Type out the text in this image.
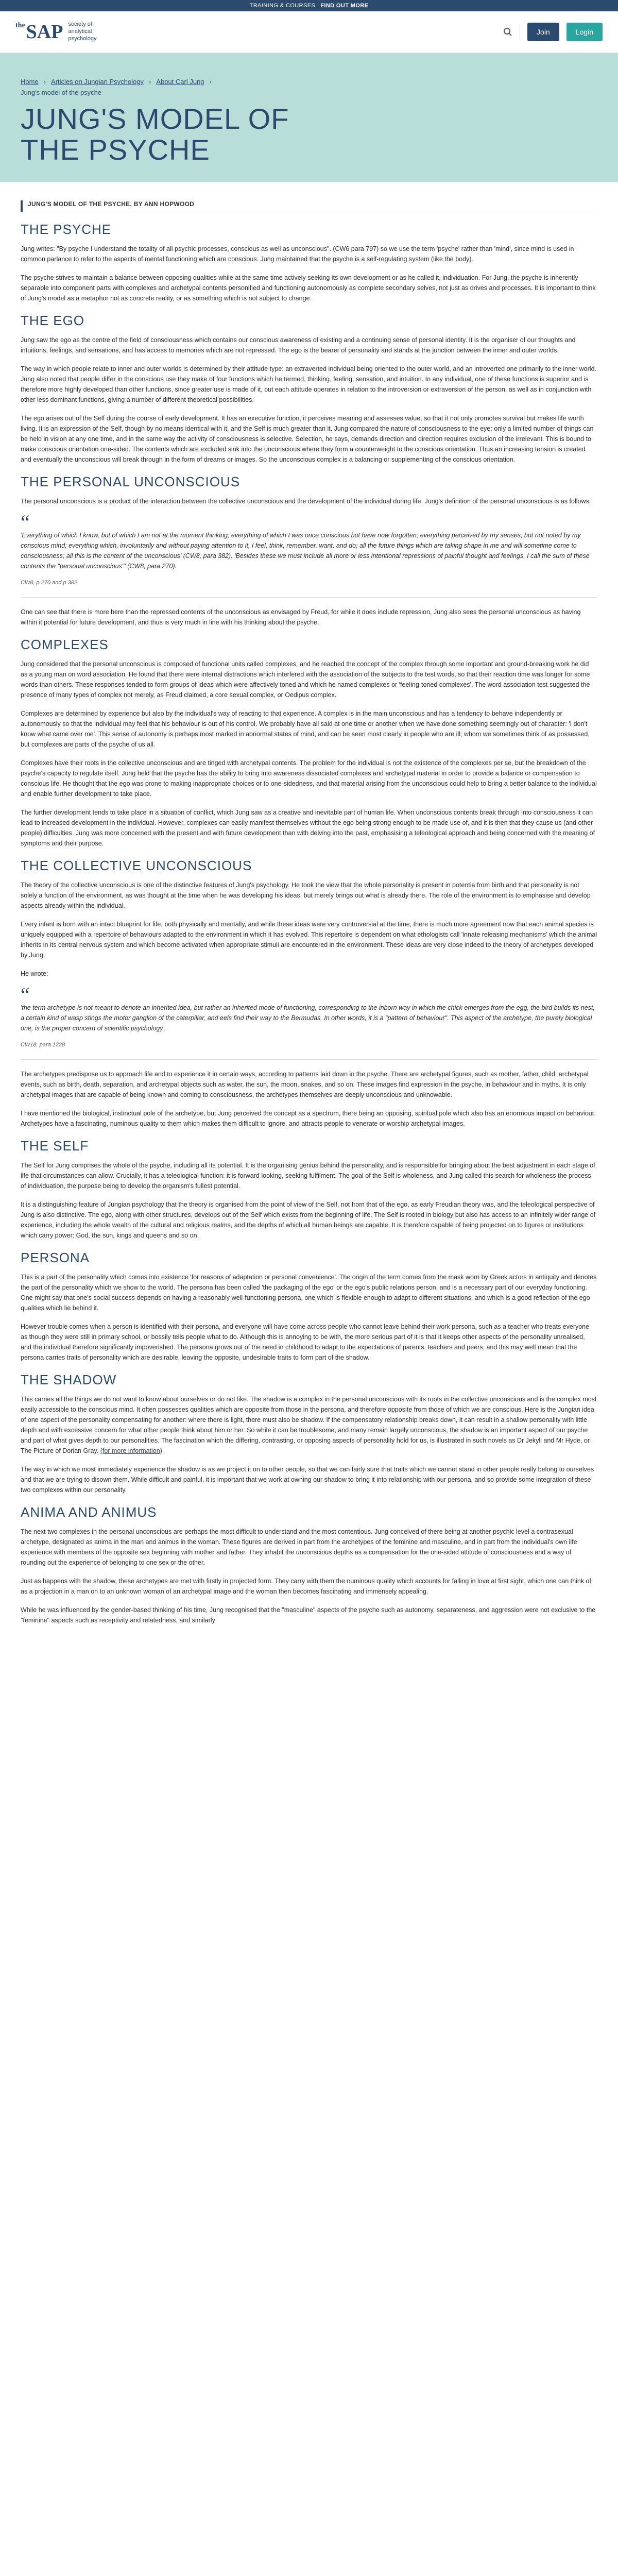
TRAINING & COURSES FIND OUT MORE
$^{the}$SAP society of analytical psychology
Join	Login
Home › Articles on Jungian Psychology › About Carl Jung ›
Jung's model of the psyche
JUNG'S MODEL OF THE PSYCHE
JUNG'S MODEL OF THE PSYCHE, BY ANN HOPWOOD
THE PSYCHE

Jung writes: "By psyche I understand the totality of all psychic processes, conscious as well as unconscious". (CW6 para 797) so we use the term 'psyche' rather than 'mind', since mind is used in common parlance to refer to the aspects of mental functioning which are conscious. Jung maintained that the psyche is a self-regulating system (like the body).

The psyche strives to maintain a balance between opposing qualities while at the same time actively seeking its own development or as he called it, individuation. For Jung, the psyche is inherently separable into component parts with complexes and archetypal contents personified and functioning autonomously as complete secondary selves, not just as drives and processes. It is important to think of Jung's model as a metaphor not as concrete reality, or as something which is not subject to change.

THE EGO

Jung saw the ego as the centre of the field of consciousness which contains our conscious awareness of existing and a continuing sense of personal identity. It is the organiser of our thoughts and intuitions, feelings, and sensations, and has access to memories which are not repressed. The ego is the bearer of personality and stands at the junction between the inner and outer worlds.

The way in which people relate to inner and outer worlds is determined by their attitude type: an extraverted individual being oriented to the outer world, and an introverted one primarily to the inner world. Jung also noted that people differ in the conscious use they make of four functions which he termed, thinking, feeling, sensation, and intuition. In any individual, one of these functions is superior and is therefore more highly developed than other functions, since greater use is made of it, but each attitude operates in relation to the introversion or extraversion of the person, as well as in conjunction with other less dominant functions, giving a number of different theoretical possibilities.

The ego arises out of the Self during the course of early development. It has an executive function, it perceives meaning and assesses value, so that it not only promotes survival but makes life worth living. It is an expression of the Self, though by no means identical with it, and the Self is much greater than it. Jung compared the nature of consciousness to the eye: only a limited number of things can be held in vision at any one time, and in the same way the activity of consciousness is selective. Selection, he says, demands direction and direction requires exclusion of the irrelevant. This is bound to make conscious orientation one-sided. The contents which are excluded sink into the unconscious where they form a counterweight to the conscious orientation. Thus an increasing tension is created and eventually the unconscious will break through in the form of dreams or images. So the unconscious complex is a balancing or supplementing of the conscious orientation.

THE PERSONAL UNCONSCIOUS

The personal unconscious is a product of the interaction between the collective unconscious and the development of the individual during life. Jung's definition of the personal unconscious is as follows:

“

'Everything of which I know, but of which I am not at the moment thinking; everything of which I was once conscious but have now forgotten; everything perceived by my senses, but not noted by my conscious mind; everything which, involuntarily and without paying attention to it, I feel, think, remember, want, and do; all the future things which are taking shape in me and will sometime come to consciousness; all this is the content of the unconscious' (CW8, para 382). 'Besides these we must include all more or less intentional repressions of painful thought and feelings. I call the sum of these contents the "personal unconscious"' (CW8, para 270).

CW8, p 270 and p 382

One can see that there is more here than the repressed contents of the unconscious as envisaged by Freud, for while it does include repression, Jung also sees the personal unconscious as having within it potential for future development, and thus is very much in line with his thinking about the psyche.

COMPLEXES

Jung considered that the personal unconscious is composed of functional units called complexes, and he reached the concept of the complex through some important and ground-breaking work he did as a young man on word association. He found that there were internal distractions which interfered with the association of the subjects to the test words, so that their reaction time was longer for some words than others. These responses tended to form groups of ideas which were affectively toned and which he named complexes or 'feeling-toned complexes'. The word association test suggested the presence of many types of complex not merely, as Freud claimed, a core sexual complex, or Oedipus complex.

Complexes are determined by experience but also by the individual's way of reacting to that experience. A complex is in the main unconscious and has a tendency to behave independently or autonomously so that the individual may feel that his behaviour is out of his control. We probably have all said at one time or another when we have done something seemingly out of character: 'I don't know what came over me'. This sense of autonomy is perhaps most marked in abnormal states of mind, and can be seen most clearly in people who are ill; whom we sometimes think of as possessed, but complexes are parts of the psyche of us all.

Complexes have their roots in the collective unconscious and are tinged with archetypal contents. The problem for the individual is not the existence of the complexes per se, but the breakdown of the psyche's capacity to regulate itself. Jung held that the psyche has the ability to bring into awareness dissociated complexes and archetypal material in order to provide a balance or compensation to conscious life. He thought that the ego was prone to making inappropriate choices or to one-sidedness, and that material arising from the unconscious could help to bring a better balance to the individual and enable further development to take place.

The further development tends to take place in a situation of conflict, which Jung saw as a creative and inevitable part of human life. When unconscious contents break through into consciousness it can lead to increased development in the individual. However, complexes can easily manifest themselves without the ego being strong enough to be made use of, and it is then that they cause us (and other people) difficulties. Jung was more concerned with the present and with future development than with delving into the past, emphasising a teleological approach and being concerned with the meaning of symptoms and their purpose.

THE COLLECTIVE UNCONSCIOUS

The theory of the collective unconscious is one of the distinctive features of Jung's psychology. He took the view that the whole personality is present in potentia from birth and that personality is not solely a function of the environment, as was thought at the time when he was developing his ideas, but merely brings out what is already there. The role of the environment is to emphasise and develop aspects already within the individual.

Every infant is born with an intact blueprint for life, both physically and mentally, and while these ideas were very controversial at the time, there is much more agreement now that each animal species is uniquely equipped with a repertoire of behaviours adapted to the environment in which it has evolved. This repertoire is dependent on what ethologists call 'innate releasing mechanisms' which the animal inherits in its central nervous system and which become activated when appropriate stimuli are encountered in the environment. These ideas are very close indeed to the theory of archetypes developed by Jung.

He wrote:

“

'the term archetype is not meant to denote an inherited idea, but rather an inherited mode of functioning, corresponding to the inborn way in which the chick emerges from the egg, the bird builds its nest, a certain kind of wasp stings the motor ganglion of the caterpillar, and eels find their way to the Bermudas. In other words, it is a "pattern of behaviour". This aspect of the archetype, the purely biological one, is the proper concern of scientific psychology'.

CW18, para 1228

The archetypes predispose us to approach life and to experience it in certain ways, according to patterns laid down in the psyche. There are archetypal figures, such as mother, father, child, archetypal events, such as birth, death, separation, and archetypal objects such as water, the sun, the moon, snakes, and so on. These images find expression in the psyche, in behaviour and in myths. It is only archetypal images that are capable of being known and coming to consciousness, the archetypes themselves are deeply unconscious and unknowable.

I have mentioned the biological, instinctual pole of the archetype, but Jung perceived the concept as a spectrum, there being an opposing, spiritual pole which also has an enormous impact on behaviour. Archetypes have a fascinating, numinous quality to them which makes them difficult to ignore, and attracts people to venerate or worship archetypal images.

THE SELF

The Self for Jung comprises the whole of the psyche, including all its potential. It is the organising genius behind the personality, and is responsible for bringing about the best adjustment in each stage of life that circumstances can allow. Crucially, it has a teleological function: it is forward looking, seeking fulfilment. The goal of the Self is wholeness, and Jung called this search for wholeness the process of individuation, the purpose being to develop the organism's fullest potential.

It is a distinguishing feature of Jungian psychology that the theory is organised from the point of view of the Self, not from that of the ego, as early Freudian theory was, and the teleological perspective of Jung is also distinctive. The ego, along with other structures, develops out of the Self which exists from the beginning of life. The Self is rooted in biology but also has access to an infinitely wider range of experience, including the whole wealth of the cultural and religious realms, and the depths of which all human beings are capable. It is therefore capable of being projected on to figures or institutions which carry power: God, the sun, kings and queens and so on.

PERSONA

This is a part of the personality which comes into existence 'for reasons of adaptation or personal convenience'. The origin of the term comes from the mask worn by Greek actors in antiquity and denotes the part of the personality which we show to the world. The persona has been called 'the packaging of the ego' or the ego's public relations person, and is a necessary part of our everyday functioning. One might say that one's social success depends on having a reasonably well-functioning persona, one which is flexible enough to adapt to different situations, and which is a good reflection of the ego qualities which lie behind it.

However trouble comes when a person is identified with their persona, and everyone will have come across people who cannot leave behind their work persona, such as a teacher who treats everyone as though they were still in primary school, or bossily tells people what to do. Although this is annoying to be with, the more serious part of it is that it keeps other aspects of the personality unrealised, and the individual therefore significantly impoverished. The persona grows out of the need in childhood to adapt to the expectations of parents, teachers and peers, and this may well mean that the persona carries traits of personality which are desirable, leaving the opposite, undesirable traits to form part of the shadow.

THE SHADOW

This carries all the things we do not want to know about ourselves or do not like. The shadow is a complex in the personal unconscious with its roots in the collective unconscious and is the complex most easily accessible to the conscious mind. It often possesses qualities which are opposite from those in the persona, and therefore opposite from those of which we are conscious. Here is the Jungian idea of one aspect of the personality compensating for another: where there is light, there must also be shadow. If the compensatory relationship breaks down, it can result in a shallow personality with little depth and with excessive concern for what other people think about him or her. So while it can be troublesome, and many remain largely unconscious, the shadow is an important aspect of our psyche and part of what gives depth to our personalities. The fascination which the differing, contrasting, or opposing aspects of personality hold for us, is illustrated in such novels as Dr Jekyll and Mr Hyde, or The Picture of Dorian Gray. (for more information)

The way in which we most immediately experience the shadow is as we project it on to other people, so that we can fairly sure that traits which we cannot stand in other people really belong to ourselves and that we are trying to disown them. While difficult and painful, it is important that we work at owning our shadow to bring it into relationship with our persona, and so provide some integration of these two complexes within our personality.

ANIMA AND ANIMUS

The next two complexes in the personal unconscious are perhaps the most difficult to understand and the most contentious. Jung conceived of there being at another psychic level a contrasexual archetype, designated as anima in the man and animus in the woman. These figures are derived in part from the archetypes of the feminine and masculine, and in part from the individual's own life experience with members of the opposite sex beginning with mother and father. They inhabit the unconscious depths as a compensation for the one-sided attitude of consciousness and a way of rounding out the experience of belonging to one sex or the other.

Just as happens with the shadow, these archetypes are met with firstly in projected form. They carry with them the numinous quality which accounts for falling in love at first sight, which one can think of as a projection in a man on to an unknown woman of an archetypal image and the woman then becomes fascinating and immensely appealing.

While he was influenced by the gender-based thinking of his time, Jung recognised that the "masculine" aspects of the psyche such as autonomy, separateness, and aggression were not exclusive to the "feminine" aspects such as receptivity and relatedness, and similarly
